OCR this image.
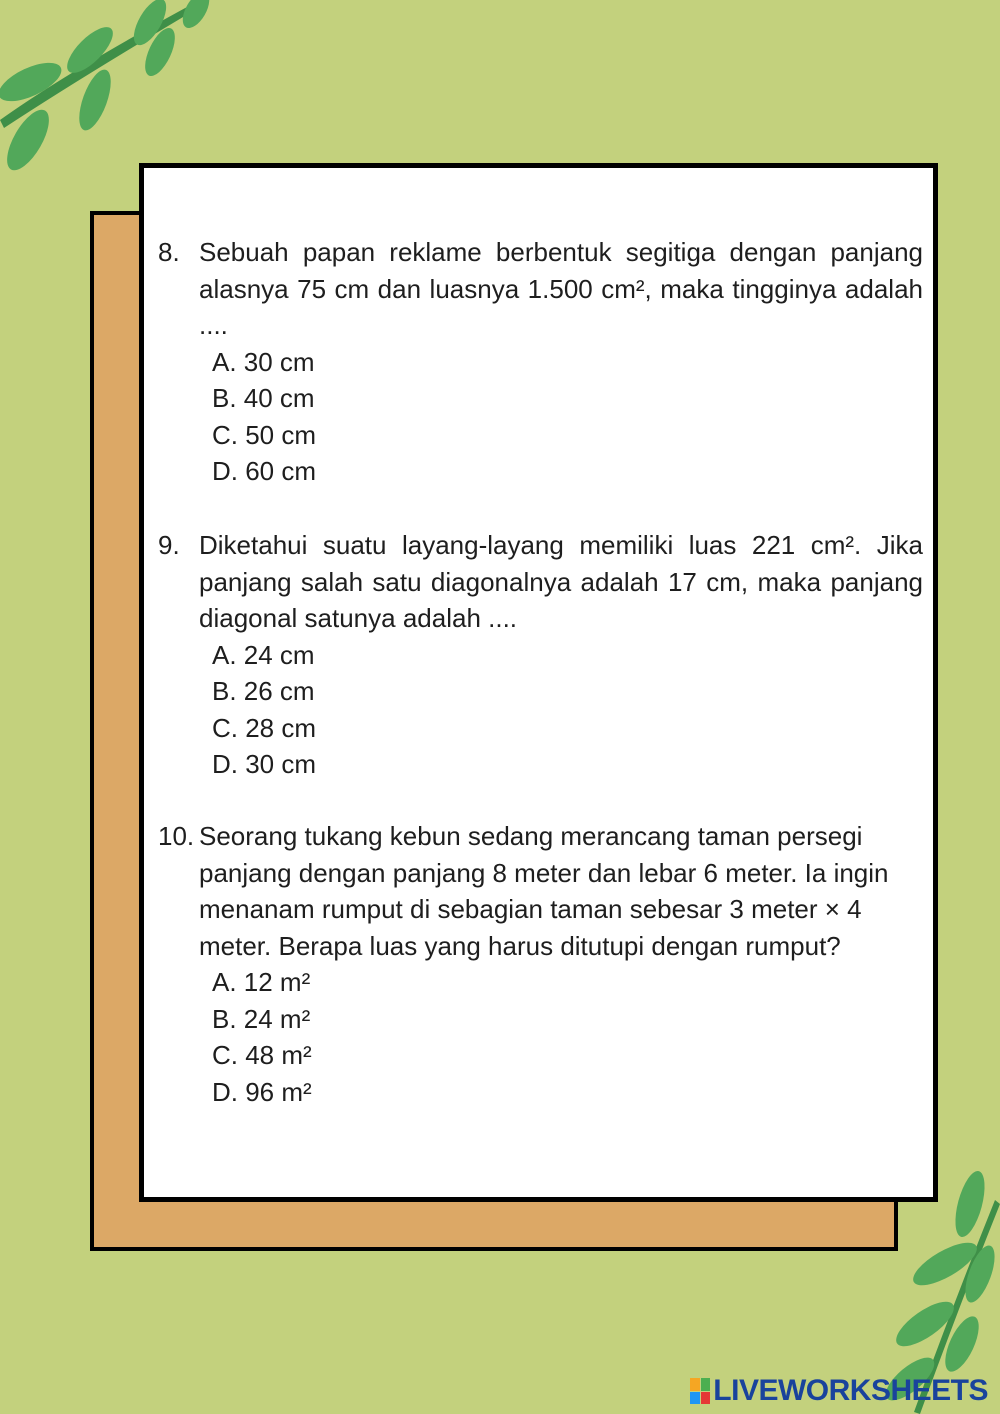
8. Sebuah papan reklame berbentuk segitiga dengan panjang alasnya 75 cm dan luasnya 1.500 cm², maka tingginya adalah ....
A. 30 cm
B. 40 cm
C. 50 cm
D. 60 cm
9. Diketahui suatu layang-layang memiliki luas 221 cm². Jika panjang salah satu diagonalnya adalah 17 cm, maka panjang diagonal satunya adalah ....
A. 24 cm
B. 26 cm
C. 28 cm
D. 30 cm
10. Seorang tukang kebun sedang merancang taman persegi panjang dengan panjang 8 meter dan lebar 6 meter. Ia ingin menanam rumput di sebagian taman sebesar 3 meter × 4 meter. Berapa luas yang harus ditutupi dengan rumput?
A. 12 m²
B. 24 m²
C. 48 m²
D. 96 m²
LIVEWORKSHEETS
